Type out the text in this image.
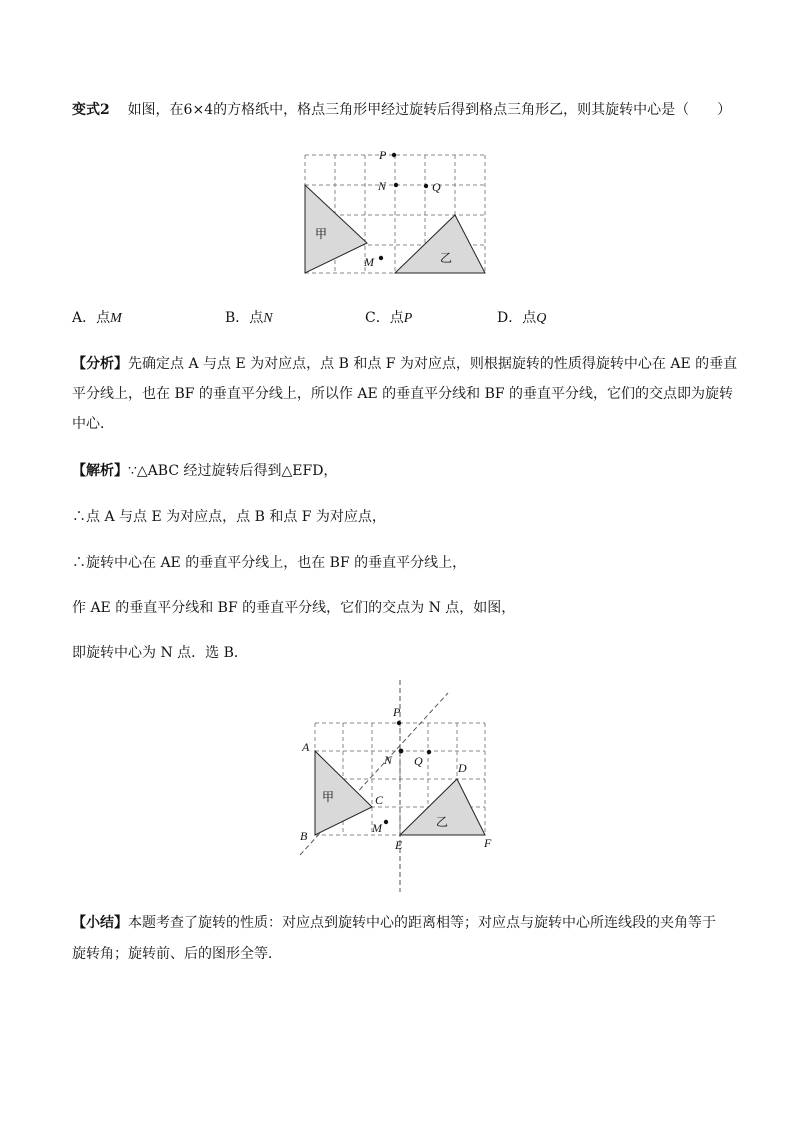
变式2 如图，在6×4的方格纸中，格点三角形甲经过旋转后得到格点三角形乙，则其旋转中心是（　　）
甲
乙
P
N	Q
M
A．点M	B．点N	C．点P	D．点Q
【分析】先确定点 A 与点 E 为对应点，点 B 和点 F 为对应点，则根据旋转的性质得旋转中心在 AE 的垂直
平分线上，也在 BF 的垂直平分线上，所以作 AE 的垂直平分线和 BF 的垂直平分线，它们的交点即为旋转
中心．
【解析】∵△ABC 经过旋转后得到△EFD，
∴点 A 与点 E 为对应点，点 B 和点 F 为对应点，
∴旋转中心在 AE 的垂直平分线上，也在 BF 的垂直平分线上，
作 AE 的垂直平分线和 BF 的垂直平分线，它们的交点为 N 点，如图，
即旋转中心为 N 点．选 B．
甲
乙
A
B
C
D
E	F
P
N Q
M
【小结】本题考查了旋转的性质：对应点到旋转中心的距离相等；对应点与旋转中心所连线段的夹角等于
旋转角；旋转前、后的图形全等．
